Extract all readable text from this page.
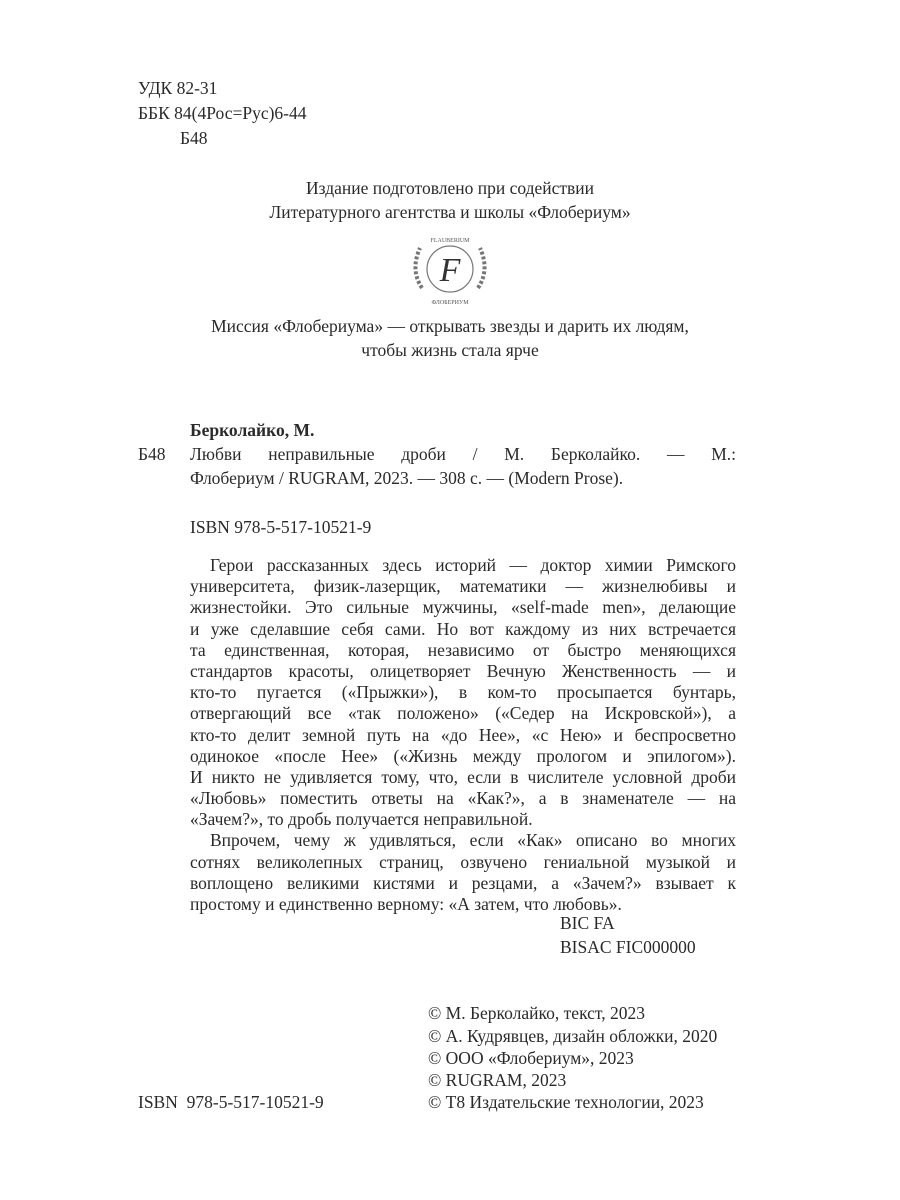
УДК 82-31
ББК 84(4Рос=Рус)6-44
Б48
Издание подготовлено при содействии
Литературного агентства и школы «Флобериум»
F
FLAUBERIUM
ФЛОБЕРИУМ
Миссия «Флобериума» — открывать звезды и дарить их людям,
чтобы жизнь стала ярче
Берколайко, М.
Б48 Любви неправильные дроби / М. Берколайко. — М.:
Флобериум / RUGRAM, 2023. — 308 с. — (Modern Prose).
ISBN 978-5-517-10521-9
Герои рассказанных здесь историй — доктор химии Римского
университета, физик-лазерщик, математики — жизнелюбивы и
жизнестойки. Это сильные мужчины, «self-made men», делающие
и уже сделавшие себя сами. Но вот каждому из них встречается
та единственная, которая, независимо от быстро меняющихся
стандартов красоты, олицетворяет Вечную Женственность — и
кто-то пугается («Прыжки»), в ком-то просыпается бунтарь,
отвергающий все «так положено» («Седер на Искровской»), а
кто-то делит земной путь на «до Нее», «с Нею» и беспросветно
одинокое «после Нее» («Жизнь между прологом и эпилогом»).
И никто не удивляется тому, что, если в числителе условной дроби
«Любовь» поместить ответы на «Как?», а в знаменателе — на
«Зачем?», то дробь получается неправильной.
Впрочем, чему ж удивляться, если «Как» описано во многих
сотнях великолепных страниц, озвучено гениальной музыкой и
воплощено великими кистями и резцами, а «Зачем?» взывает к
простому и единственно верному: «А затем, что любовь».
BIC FA
BISAC FIC000000
© М. Берколайко, текст, 2023
© А. Кудрявцев, дизайн обложки, 2020
© ООО «Флобериум», 2023
© RUGRAM, 2023
© Т8 Издательские технологии, 2023
ISBN  978-5-517-10521-9
